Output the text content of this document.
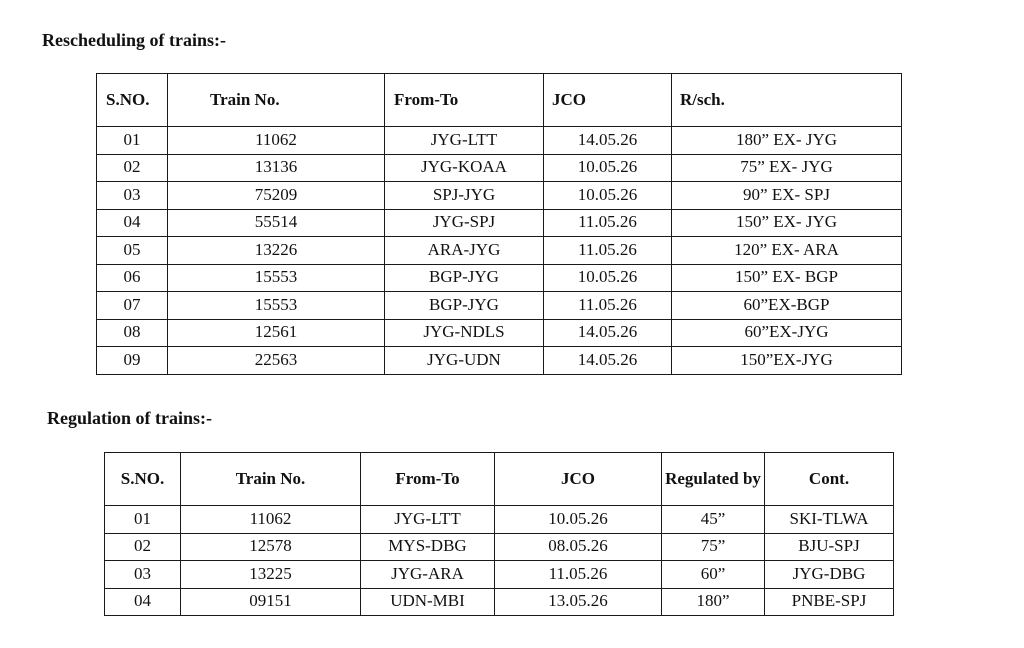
Rescheduling of trains:-
S.NO.	Train No.	From-To	JCO	R/sch.
01	11062	JYG-LTT	14.05.26	180” EX- JYG
02	13136	JYG-KOAA	10.05.26	75” EX- JYG
03	75209	SPJ-JYG	10.05.26	90” EX- SPJ
04	55514	JYG-SPJ	11.05.26	150” EX- JYG
05	13226	ARA-JYG	11.05.26	120” EX- ARA
06	15553	BGP-JYG	10.05.26	150” EX- BGP
07	15553	BGP-JYG	11.05.26	60”EX-BGP
08	12561	JYG-NDLS	14.05.26	60”EX-JYG
09	22563	JYG-UDN	14.05.26	150”EX-JYG
Regulation of trains:-
S.NO.	Train No.	From-To	JCO	Regulated by	Cont.
01	11062	JYG-LTT	10.05.26	45”	SKI-TLWA
02	12578	MYS-DBG	08.05.26	75”	BJU-SPJ
03	13225	JYG-ARA	11.05.26	60”	JYG-DBG
04	09151	UDN-MBI	13.05.26	180”	PNBE-SPJ
